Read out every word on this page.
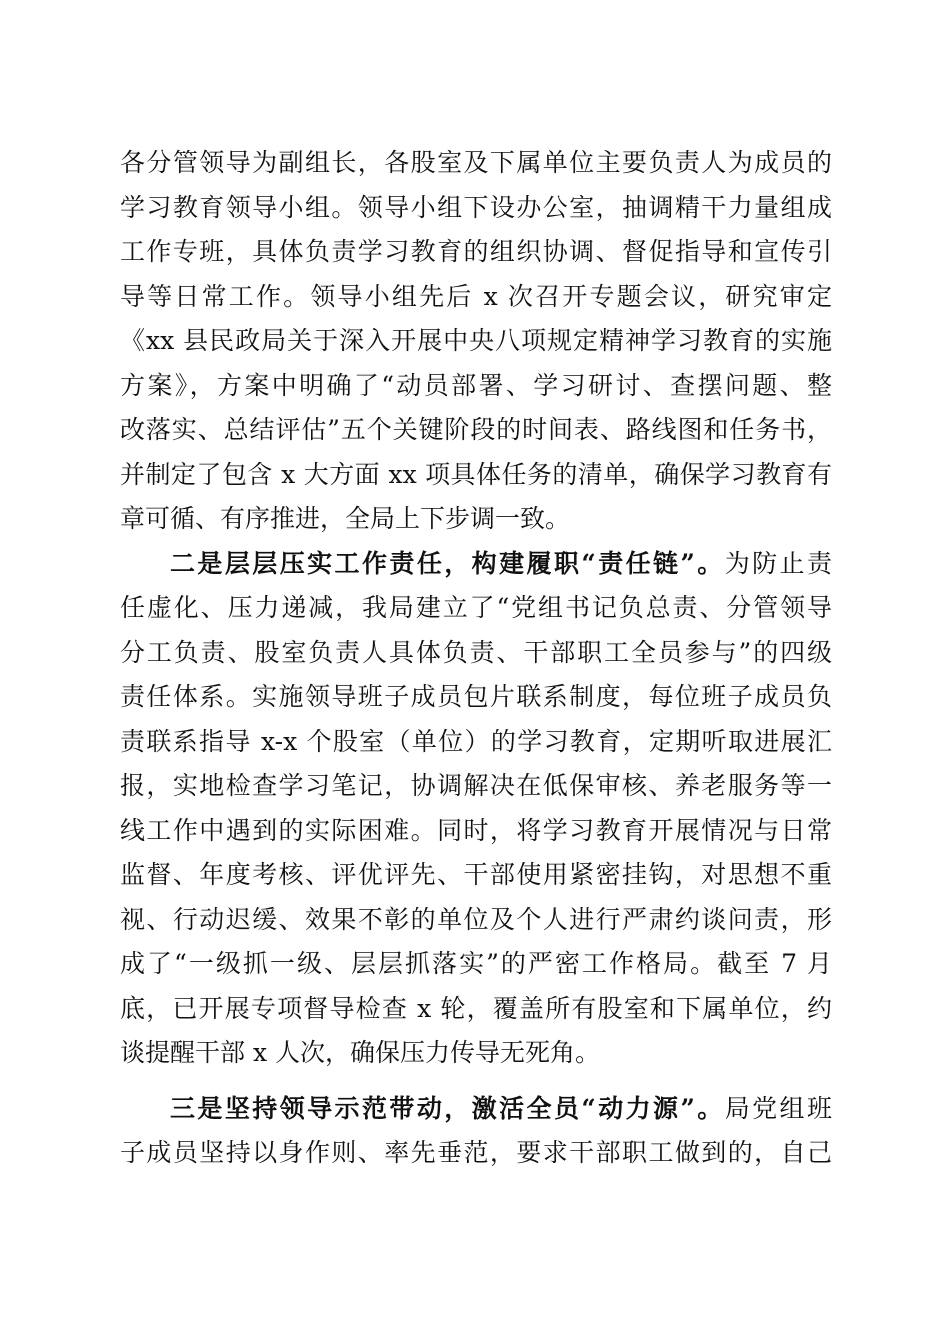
各分管领导为副组长，各股室及下属单位主要负责人为成员的
学习教育领导小组。领导小组下设办公室，抽调精干力量组成
工作专班，具体负责学习教育的组织协调、督促指导和宣传引
导等日常工作。领导小组先后 x 次召开专题会议，研究审定
《xx 县民政局关于深入开展中央八项规定精神学习教育的实施
方案》，方案中明确了“动员部署、学习研讨、查摆问题、整
改落实、总结评估”五个关键阶段的时间表、路线图和任务书，
并制定了包含 x 大方面 xx 项具体任务的清单，确保学习教育有
章可循、有序推进，全局上下步调一致。
二是层层压实工作责任，构建履职“责任链”。为防止责
任虚化、压力递减，我局建立了“党组书记负总责、分管领导
分工负责、股室负责人具体负责、干部职工全员参与”的四级
责任体系。实施领导班子成员包片联系制度，每位班子成员负
责联系指导 x-x 个股室（单位）的学习教育，定期听取进展汇
报，实地检查学习笔记，协调解决在低保审核、养老服务等一
线工作中遇到的实际困难。同时，将学习教育开展情况与日常
监督、年度考核、评优评先、干部使用紧密挂钩，对思想不重
视、行动迟缓、效果不彰的单位及个人进行严肃约谈问责，形
成了“一级抓一级、层层抓落实”的严密工作格局。截至 7 月
底，已开展专项督导检查 x 轮，覆盖所有股室和下属单位，约
谈提醒干部 x 人次，确保压力传导无死角。
三是坚持领导示范带动，激活全员“动力源”。局党组班
子成员坚持以身作则、率先垂范，要求干部职工做到的，自己
